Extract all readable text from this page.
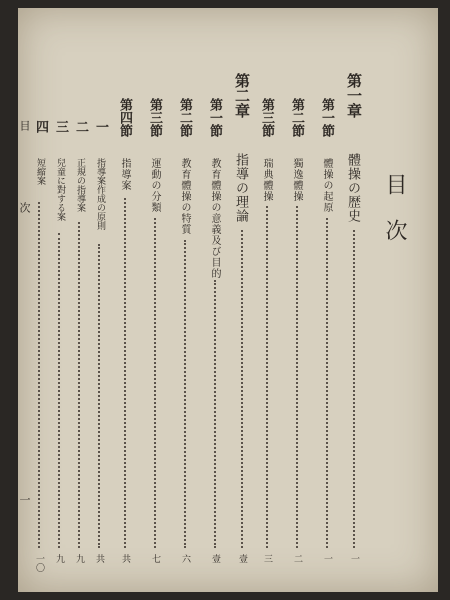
目次
第一章
體操の歴史
一
第一節
體操の起原
一
第二節
獨逸體操
二
第三節
瑞典體操
三
第二章
指導の理論
壹
第一節
教育體操の意義及び目的
壹
第二節
教育體操の特質
六
第三節
運動の分類
七
第四節
指導案
共
一
指導案作成の原則
共
二
正規の指導案
九
三
兒童に對する案
九
四
短縮案
一〇
目　次
一
